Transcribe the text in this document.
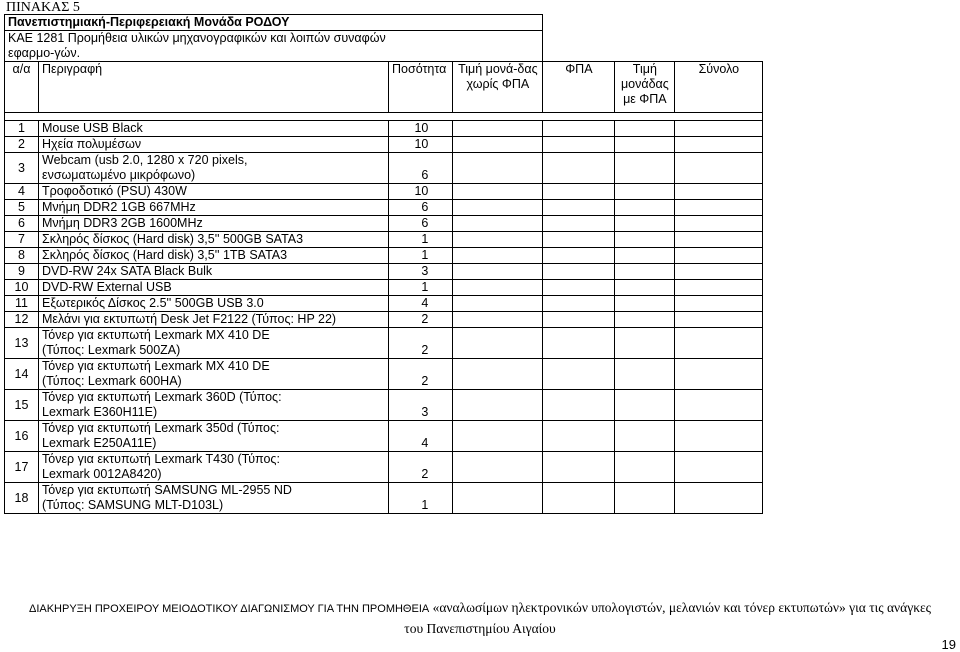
ΠΙΝΑΚΑΣ 5
Πανεπιστημιακή-Περιφερειακή Μονάδα ΡΟΔΟΥ						
ΚΑΕ 1281 Προμήθεια υλικών μηχανογραφικών και λοιπών συναφών εφαρμο-γών.						
α/α	Περιγραφή	Ποσότητα	Τιμή μονά-δας χωρίς ΦΠΑ	ΦΠΑ	Τιμή μονάδας με ΦΠΑ	Σύνολο

1	Mouse USB Black	10				
2	Ηχεία πολυμέσων	10				
3	Webcam (usb 2.0, 1280 x 720 pixels, ενσωματωμένο μικρόφωνο)	6				
4	Τροφοδοτικό (PSU) 430W	10				
5	Μνήμη DDR2 1GB 667MHz	6				
6	Μνήμη DDR3 2GB 1600MHz	6				
7	Σκληρός δίσκος (Hard disk) 3,5'' 500GB SATA3	1				
8	Σκληρός δίσκος (Hard disk) 3,5'' 1TB SATA3	1				
9	DVD-RW 24x SATA Black Bulk	3				
10	DVD-RW External USB	1				
11	Εξωτερικός Δίσκος 2.5'' 500GB USB 3.0	4				
12	Μελάνι για εκτυπωτή Desk Jet F2122 (Τύπος: HP 22)	2				
13	Τόνερ για εκτυπωτή Lexmark MX 410 DE (Τύπος: Lexmark 500ZA)	2				
14	Τόνερ για εκτυπωτή Lexmark MX 410 DE (Τύπος: Lexmark 600HA)	2				
15	Τόνερ για εκτυπωτή Lexmark 360D (Τύπος: Lexmark E360H11E)	3				
16	Τόνερ για εκτυπωτή Lexmark 350d (Τύπος: Lexmark E250A11E)	4				
17	Τόνερ για εκτυπωτή Lexmark T430 (Τύπος: Lexmark 0012A8420)	2				
18	Τόνερ για εκτυπωτή SAMSUNG ML-2955 ND (Τύπος: SAMSUNG MLT-D103L)	1				
ΔΙΑΚΗΡΥΞΗ ΠΡΟΧΕΙΡΟΥ ΜΕΙΟΔΟΤΙΚΟΥ ΔΙΑΓΩΝΙΣΜΟΥ ΓΙΑ ΤΗΝ ΠΡΟΜΗΘΕΙΑ «αναλωσίμων ηλεκτρονικών υπολογιστών, μελανιών και τόνερ εκτυπωτών» για τις ανάγκες
του Πανεπιστημίου Αιγαίου
19
